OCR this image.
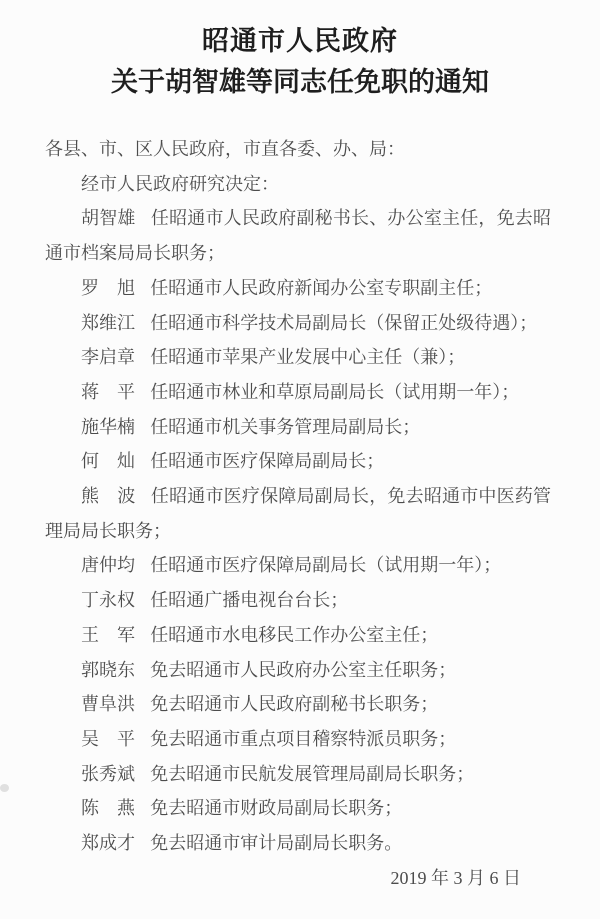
昭通市人民政府
关于胡智雄等同志任免职的通知

各县、市、区人民政府，市直各委、办、局：

经市人民政府研究决定：

胡智雄 任昭通市人民政府副秘书长、办公室主任，免去昭通市档案局局长职务；

罗　旭 任昭通市人民政府新闻办公室专职副主任；

郑维江 任昭通市科学技术局副局长（保留正处级待遇）；

李启章 任昭通市苹果产业发展中心主任（兼）；

蒋　平 任昭通市林业和草原局副局长（试用期一年）；

施华楠 任昭通市机关事务管理局副局长；

何　灿 任昭通市医疗保障局副局长；

熊　波 任昭通市医疗保障局副局长，免去昭通市中医药管理局局长职务；

唐仲均 任昭通市医疗保障局副局长（试用期一年）；

丁永权 任昭通广播电视台台长；

王　军 任昭通市水电移民工作办公室主任；

郭晓东 免去昭通市人民政府办公室主任职务；

曹阜洪 免去昭通市人民政府副秘书长职务；

吴　平 免去昭通市重点项目稽察特派员职务；

张秀斌 免去昭通市民航发展管理局副局长职务；

陈　燕 免去昭通市财政局副局长职务；

郑成才 免去昭通市审计局副局长职务。

2019 年 3 月 6 日
